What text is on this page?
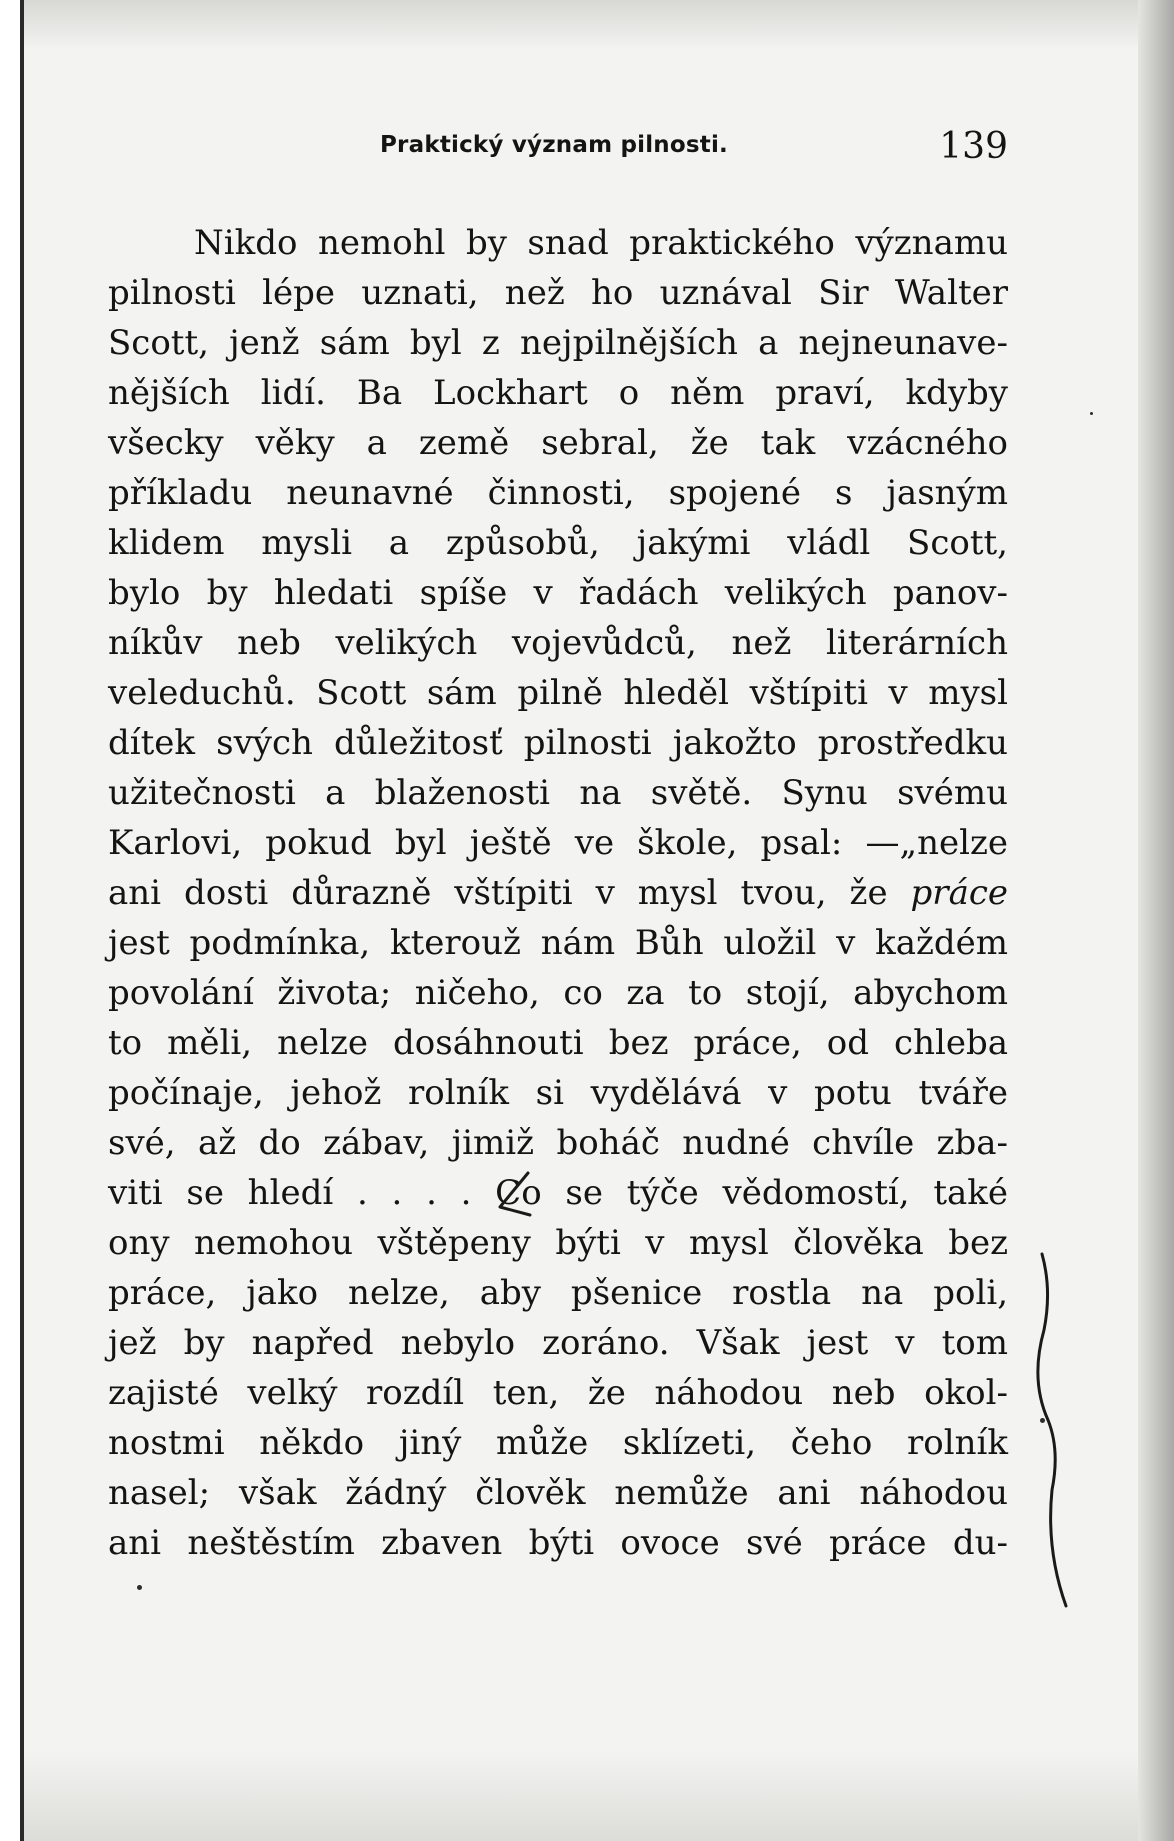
Praktický význam pilnosti.	139
Nikdo nemohl by snad praktického významu
pilnosti lépe uznati, než ho uznával Sir Walter
Scott, jenž sám byl z nejpilnějších a nejneunave-
nějších lidí. Ba Lockhart o něm praví, kdyby
všecky věky a země sebral, že tak vzácného
příkladu neunavné činnosti, spojené s jasným
klidem mysli a způsobů, jakými vládl Scott,
bylo by hledati spíše v řadách velikých panov-
níkův neb velikých vojevůdců, než literárních
veleduchů. Scott sám pilně hleděl vštípiti v mysl
dítek svých důležitosť pilnosti jakožto prostředku
užitečnosti a blaženosti na světě. Synu svému
Karlovi, pokud byl ještě ve škole, psal: —„nelze
ani dosti důrazně vštípiti v mysl tvou, že práce
jest podmínka, kterouž nám Bůh uložil v každém
povolání života; ničeho, co za to stojí, abychom
to měli, nelze dosáhnouti bez práce, od chleba
počínaje, jehož rolník si vydělává v potu tváře
své, až do zábav, jimiž boháč nudné chvíle zba-
viti se hledí . . . . Co se týče vědomostí, také
ony nemohou vštěpeny býti v mysl člověka bez
práce, jako nelze, aby pšenice rostla na poli,
jež by napřed nebylo zoráno. Však jest v tom
zajisté velký rozdíl ten, že náhodou neb okol-
nostmi někdo jiný může sklízeti, čeho rolník
nasel; však žádný člověk nemůže ani náhodou
ani neštěstím zbaven býti ovoce své práce du-
